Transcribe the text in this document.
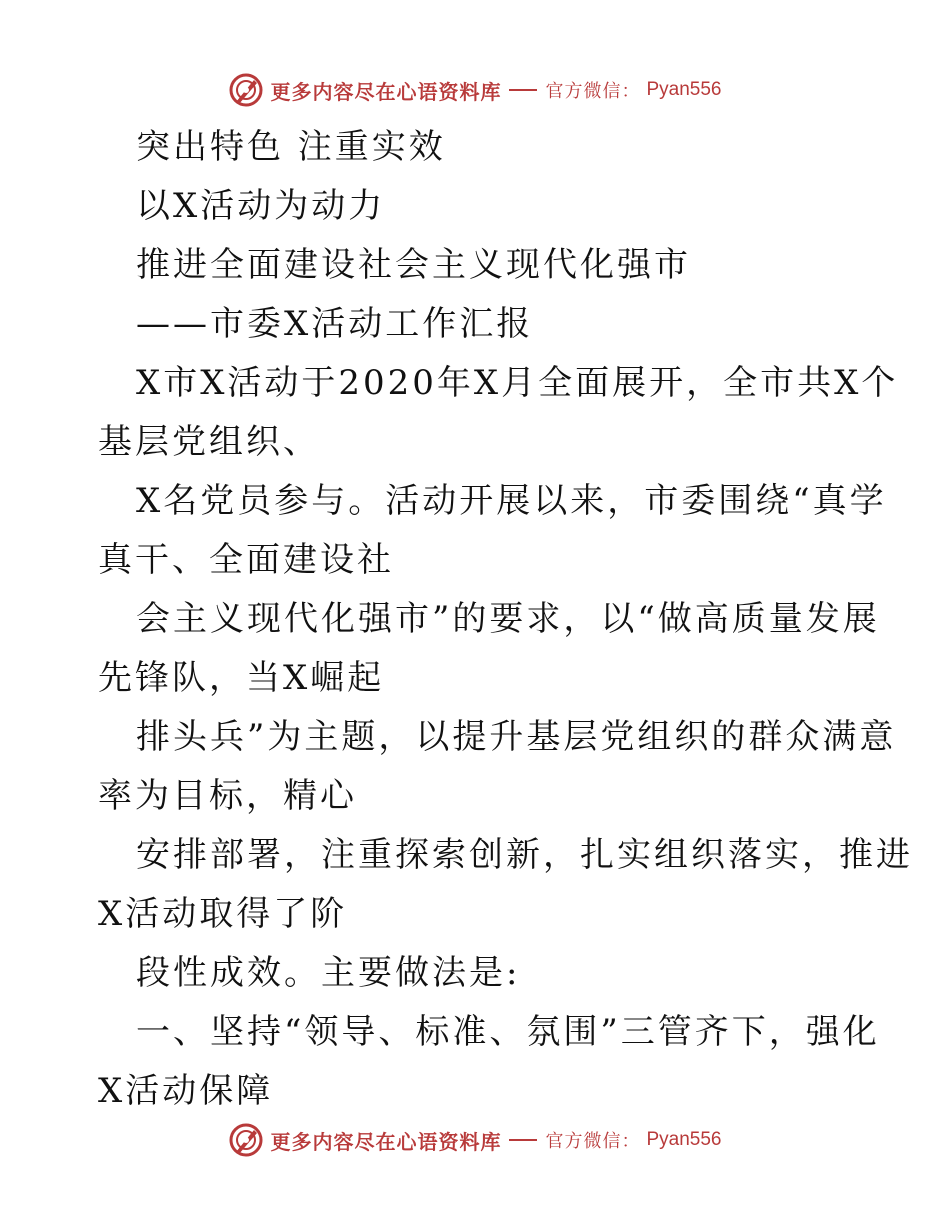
更多内容尽在心语资料库 官方微信： Pyan556
突出特色 注重实效
以X活动为动力
推进全面建设社会主义现代化强市
——市委X活动工作汇报
X市X活动于2020年X月全面展开，全市共X个
基层党组织、
X名党员参与。活动开展以来，市委围绕“真学
真干、全面建设社
会主义现代化强市”的要求，以“做高质量发展
先锋队，当X崛起
排头兵”为主题，以提升基层党组织的群众满意
率为目标，精心
安排部署，注重探索创新，扎实组织落实，推进
X活动取得了阶
段性成效。主要做法是:
一、坚持“领导、标准、氛围”三管齐下，强化
X活动保障
更多内容尽在心语资料库 官方微信： Pyan556
